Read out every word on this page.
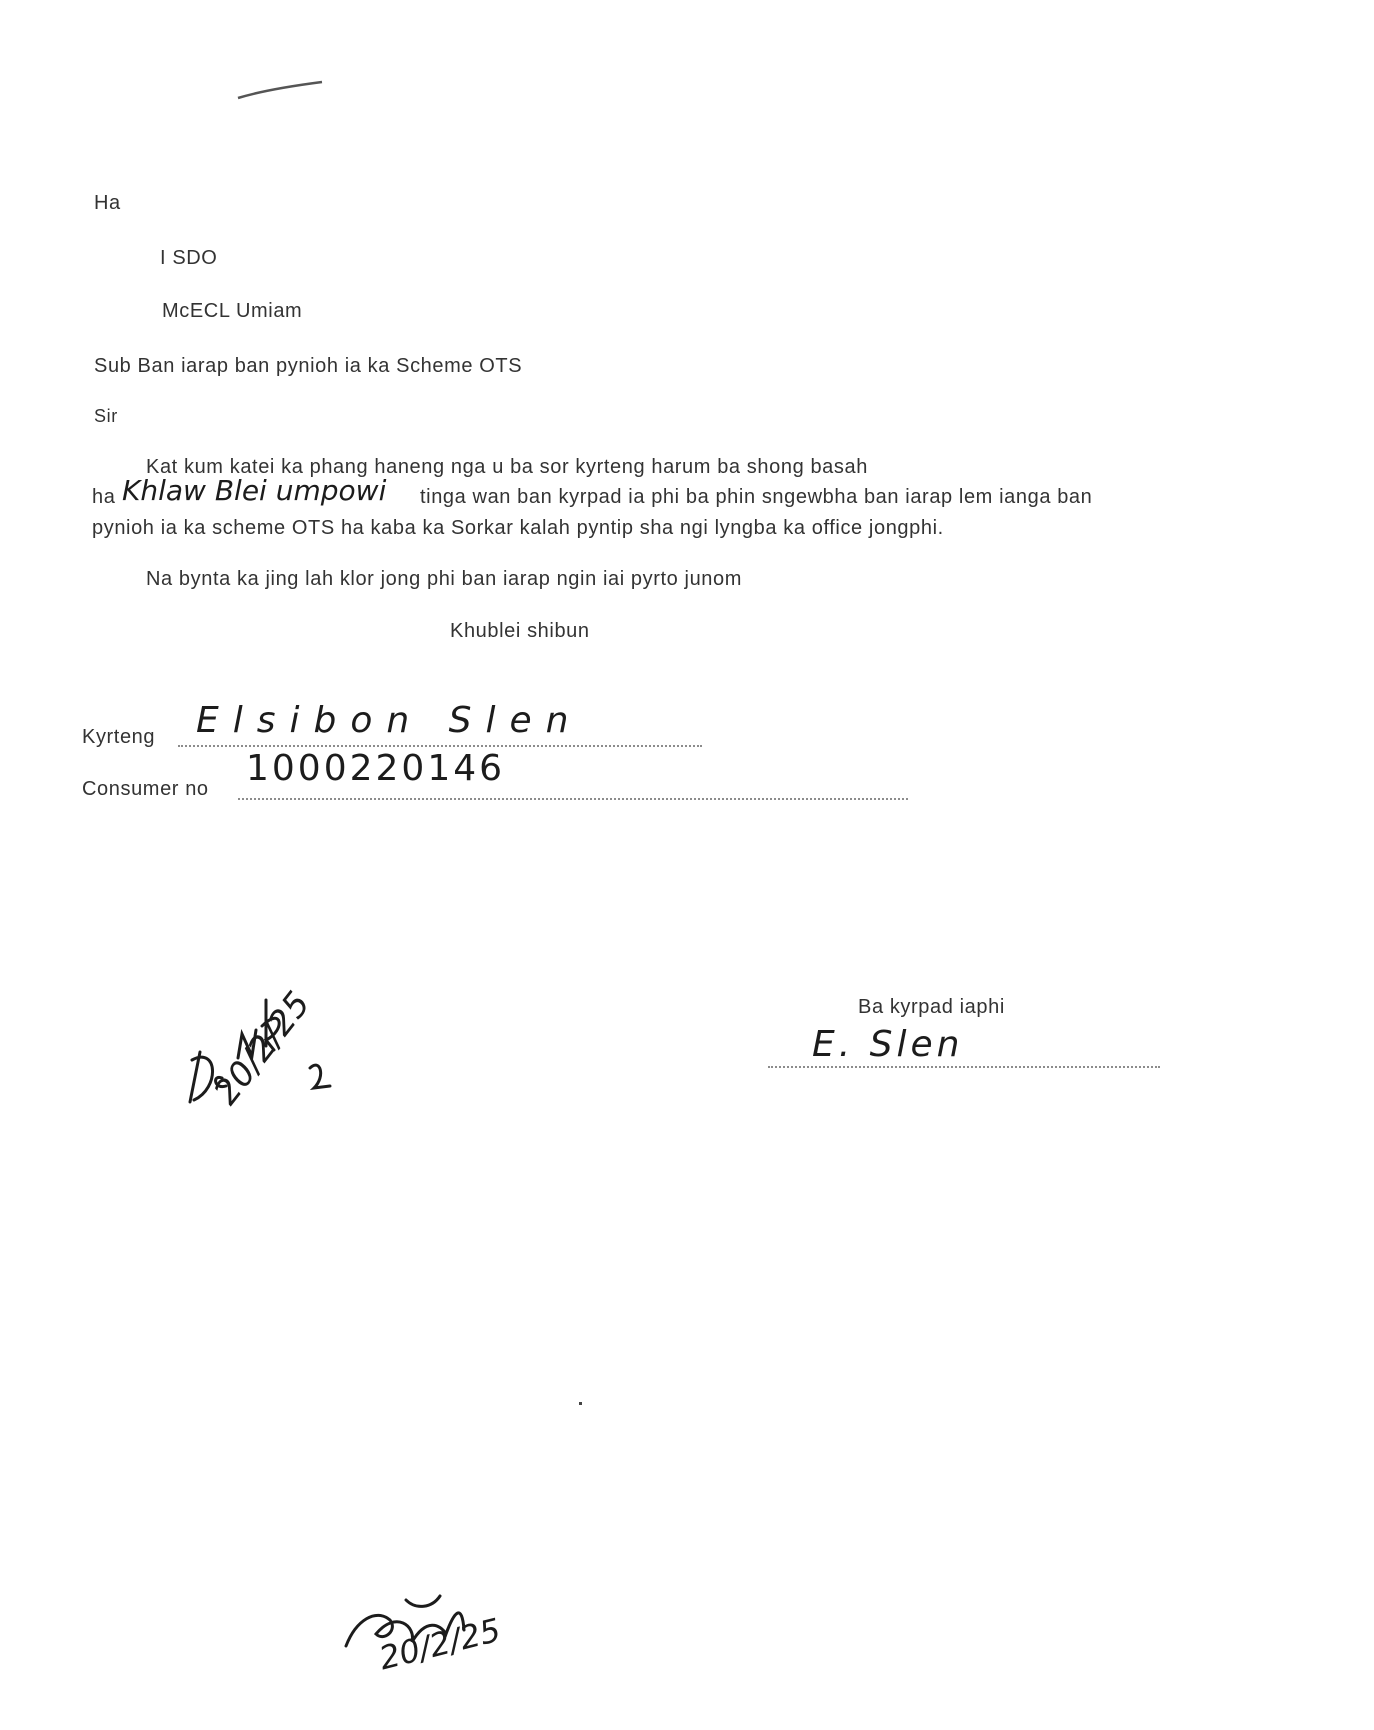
Ha
I SDO
McECL Umiam
Sub Ban iarap ban pynioh ia ka Scheme OTS
Sir
Kat kum katei ka phang haneng nga u ba sor kyrteng harum ba shong basah
ha Khlaw Blei umpowi tinga wan ban kyrpad ia phi ba phin sngewbha ban iarap lem ianga ban
pynioh ia ka scheme OTS ha kaba ka Sorkar kalah pyntip sha ngi lyngba ka office jongphi.
Na bynta ka jing lah klor jong phi ban iarap ngin iai pyrto junom
Khublei shibun
Kyrteng Elsibon Slen
Consumer no 1000220146
20/2/25	Ba kyrpad iaphi
E. Slen
20/2/25
